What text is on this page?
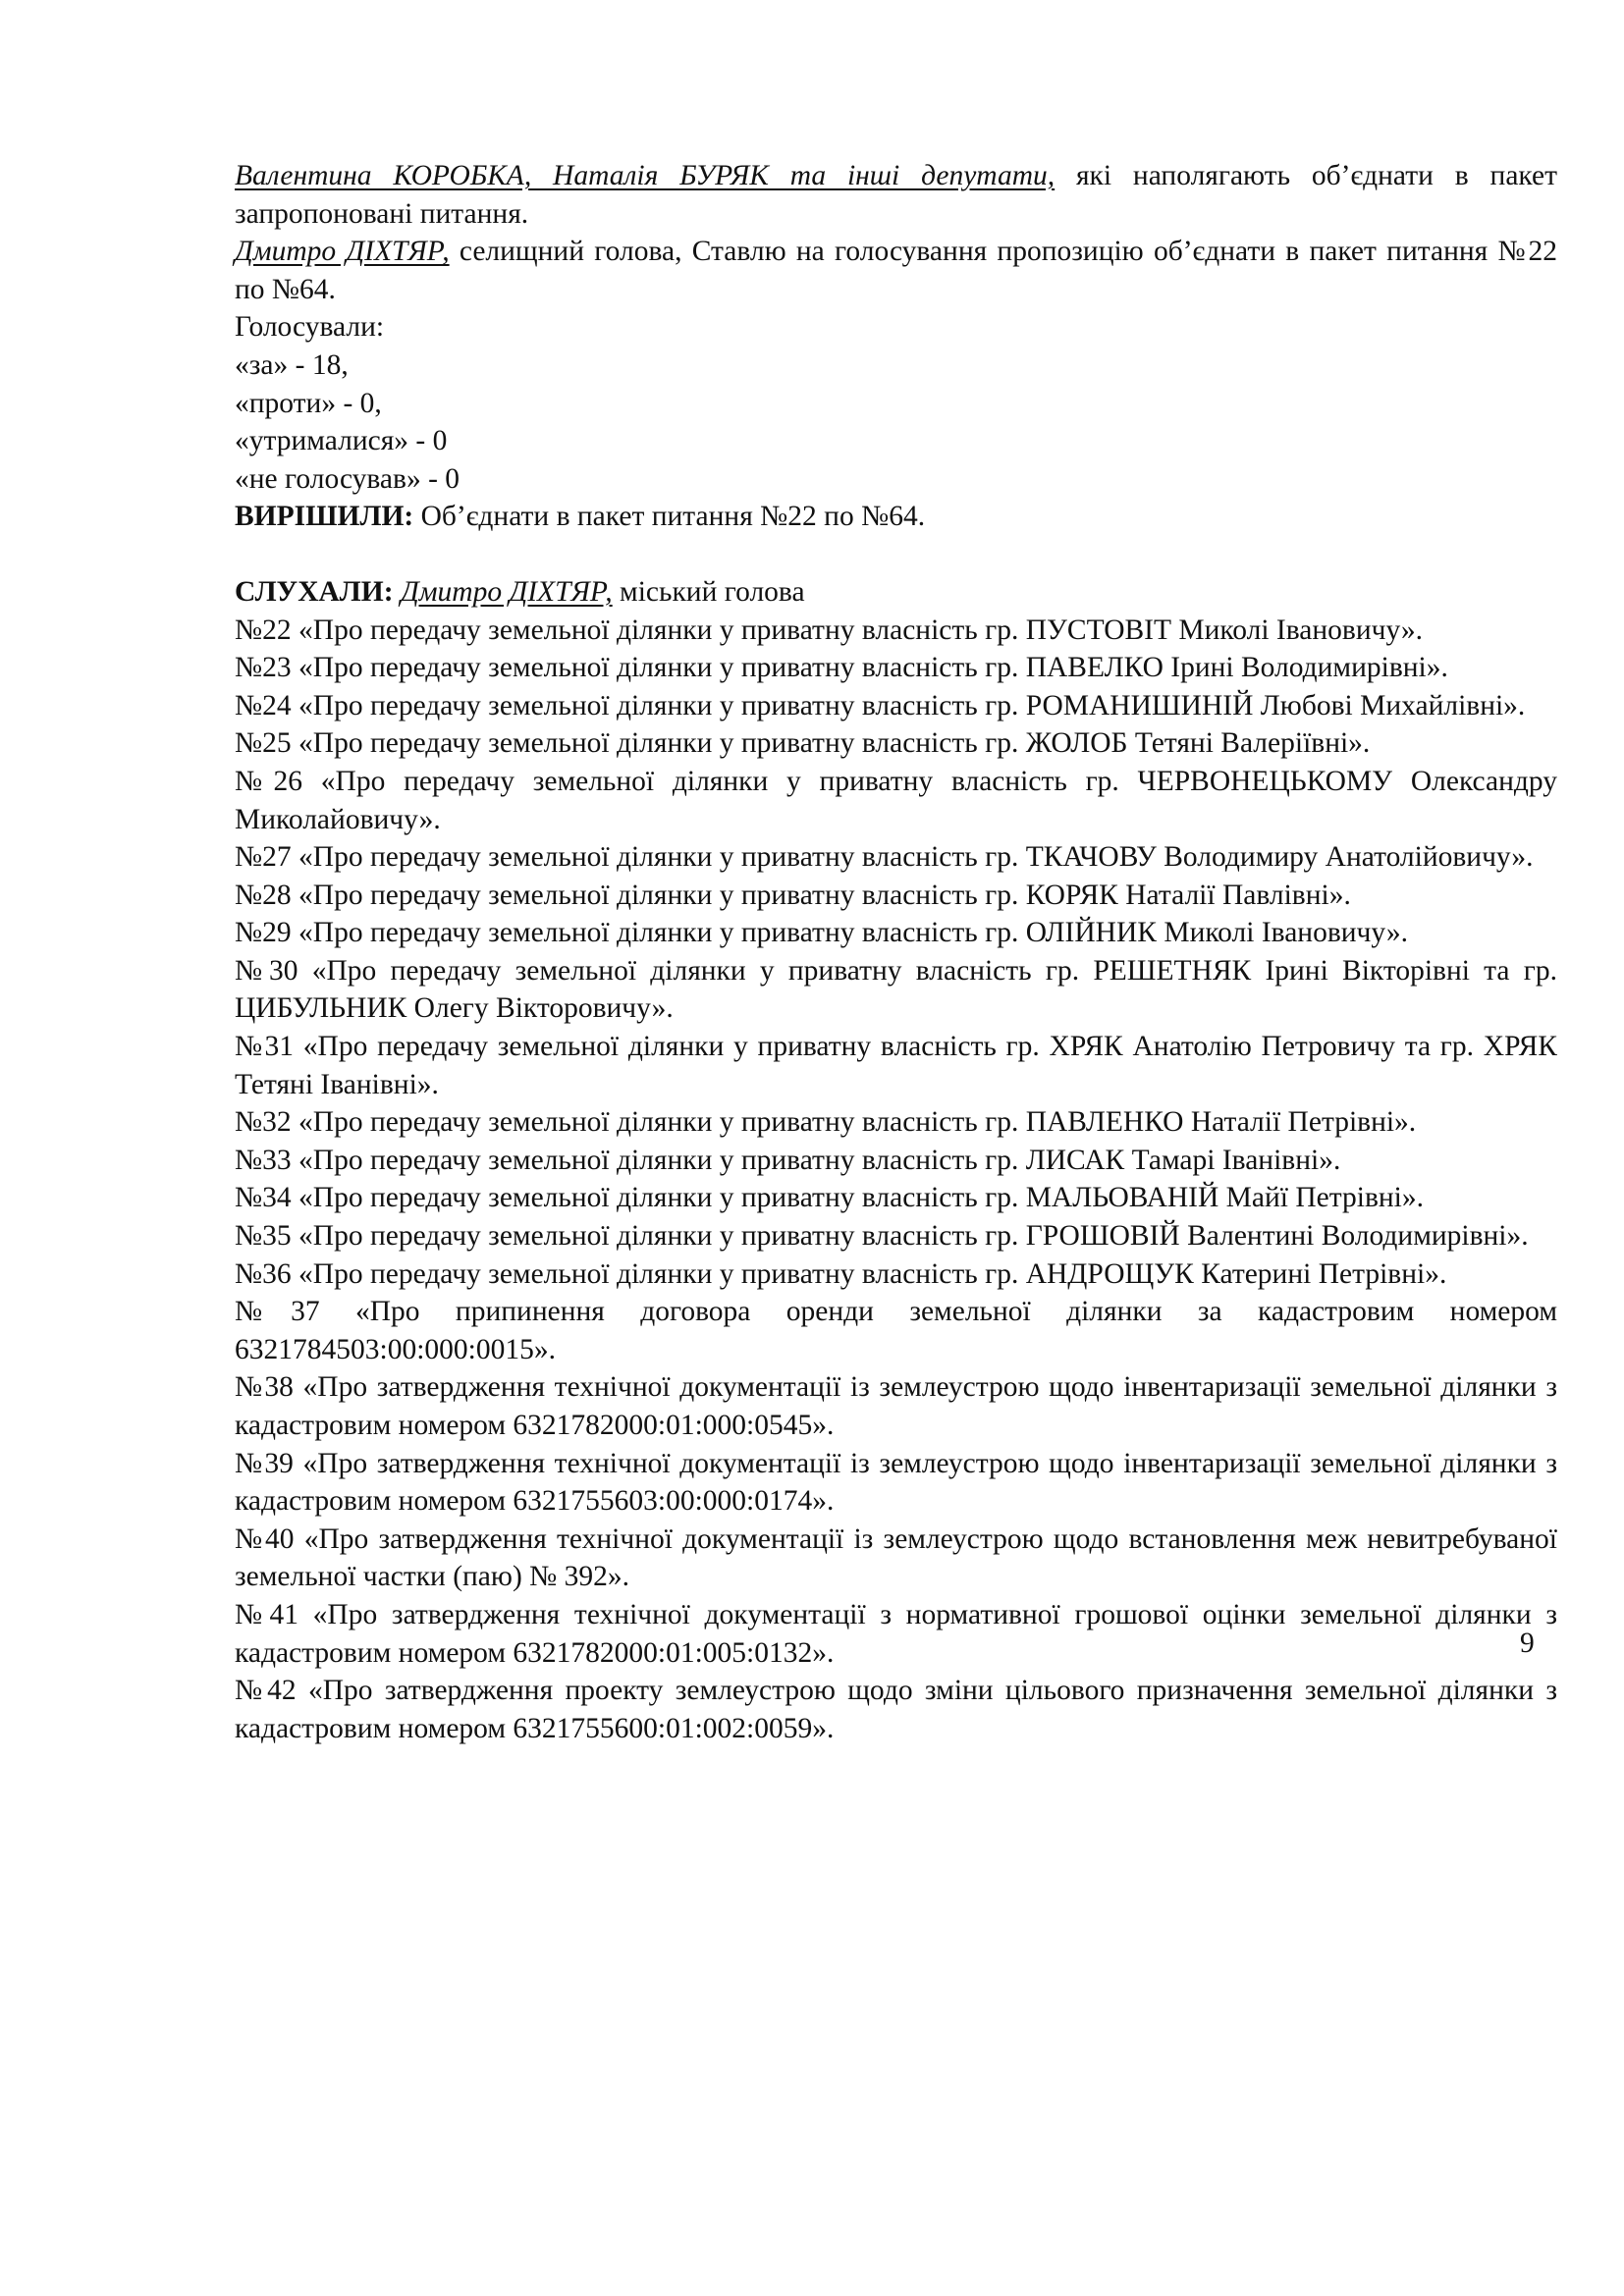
Валентина КОРОБКА, Наталія БУРЯК та інші депутати, які наполягають об’єднати в пакет запропоновані питання.

Дмитро ДІХТЯР, селищний голова, Ставлю на голосування пропозицію об’єднати в пакет питання №22 по №64.

Голосували:

«за» - 18,

«проти» - 0,

«утрималися» - 0

«не голосував» - 0

ВИРІШИЛИ: Об’єднати в пакет питання №22 по №64.

СЛУХАЛИ: Дмитро ДІХТЯР, міський голова

№22 «Про передачу земельної ділянки у приватну власність гр. ПУСТОВІТ Миколі Івановичу».

№23 «Про передачу земельної ділянки у приватну власність гр. ПАВЕЛКО Ірині Володимирівні».

№24 «Про передачу земельної ділянки у приватну власність гр. РОМАНИШИНІЙ Любові Михайлівні».

№25 «Про передачу земельної ділянки у приватну власність гр. ЖОЛОБ Тетяні Валеріївні».

№26 «Про передачу земельної ділянки у приватну власність гр. ЧЕРВОНЕЦЬКОМУ Олександру Миколайовичу».

№27 «Про передачу земельної ділянки у приватну власність гр. ТКАЧОВУ Володимиру Анатолійовичу».

№28 «Про передачу земельної ділянки у приватну власність гр. КОРЯК Наталії Павлівні».

№29 «Про передачу земельної ділянки у приватну власність гр. ОЛІЙНИК Миколі Івановичу».

№30 «Про передачу земельної ділянки у приватну власність гр. РЕШЕТНЯК Ірині Вікторівні та гр. ЦИБУЛЬНИК Олегу Вікторовичу».

№31 «Про передачу земельної ділянки у приватну власність гр. ХРЯК Анатолію Петровичу та гр. ХРЯК Тетяні Іванівні».

№32 «Про передачу земельної ділянки у приватну власність гр. ПАВЛЕНКО Наталії Петрівні».

№33 «Про передачу земельної ділянки у приватну власність гр. ЛИСАК Тамарі Іванівні».

№34 «Про передачу земельної ділянки у приватну власність гр. МАЛЬОВАНІЙ Майї Петрівні».

№35 «Про передачу земельної ділянки у приватну власність гр. ГРОШОВІЙ Валентині Володимирівні».

№36 «Про передачу земельної ділянки у приватну власність гр. АНДРОЩУК Катерині Петрівні».

№37 «Про припинення договора оренди земельної ділянки за кадастровим номером 6321784503:00:000:0015».

№38 «Про затвердження технічної документації із землеустрою щодо інвентаризації земельної ділянки з кадастровим номером 6321782000:01:000:0545».

№39 «Про затвердження технічної документації із землеустрою щодо інвентаризації земельної ділянки з кадастровим номером 6321755603:00:000:0174».

№40 «Про затвердження технічної документації із землеустрою щодо встановлення меж невитребуваної земельної частки (паю) № 392».

№41 «Про затвердження технічної документації з нормативної грошової оцінки земельної ділянки з кадастровим номером 6321782000:01:005:0132».

№42 «Про затвердження проекту землеустрою щодо зміни цільового призначення земельної ділянки з кадастровим номером 6321755600:01:002:0059».

9
